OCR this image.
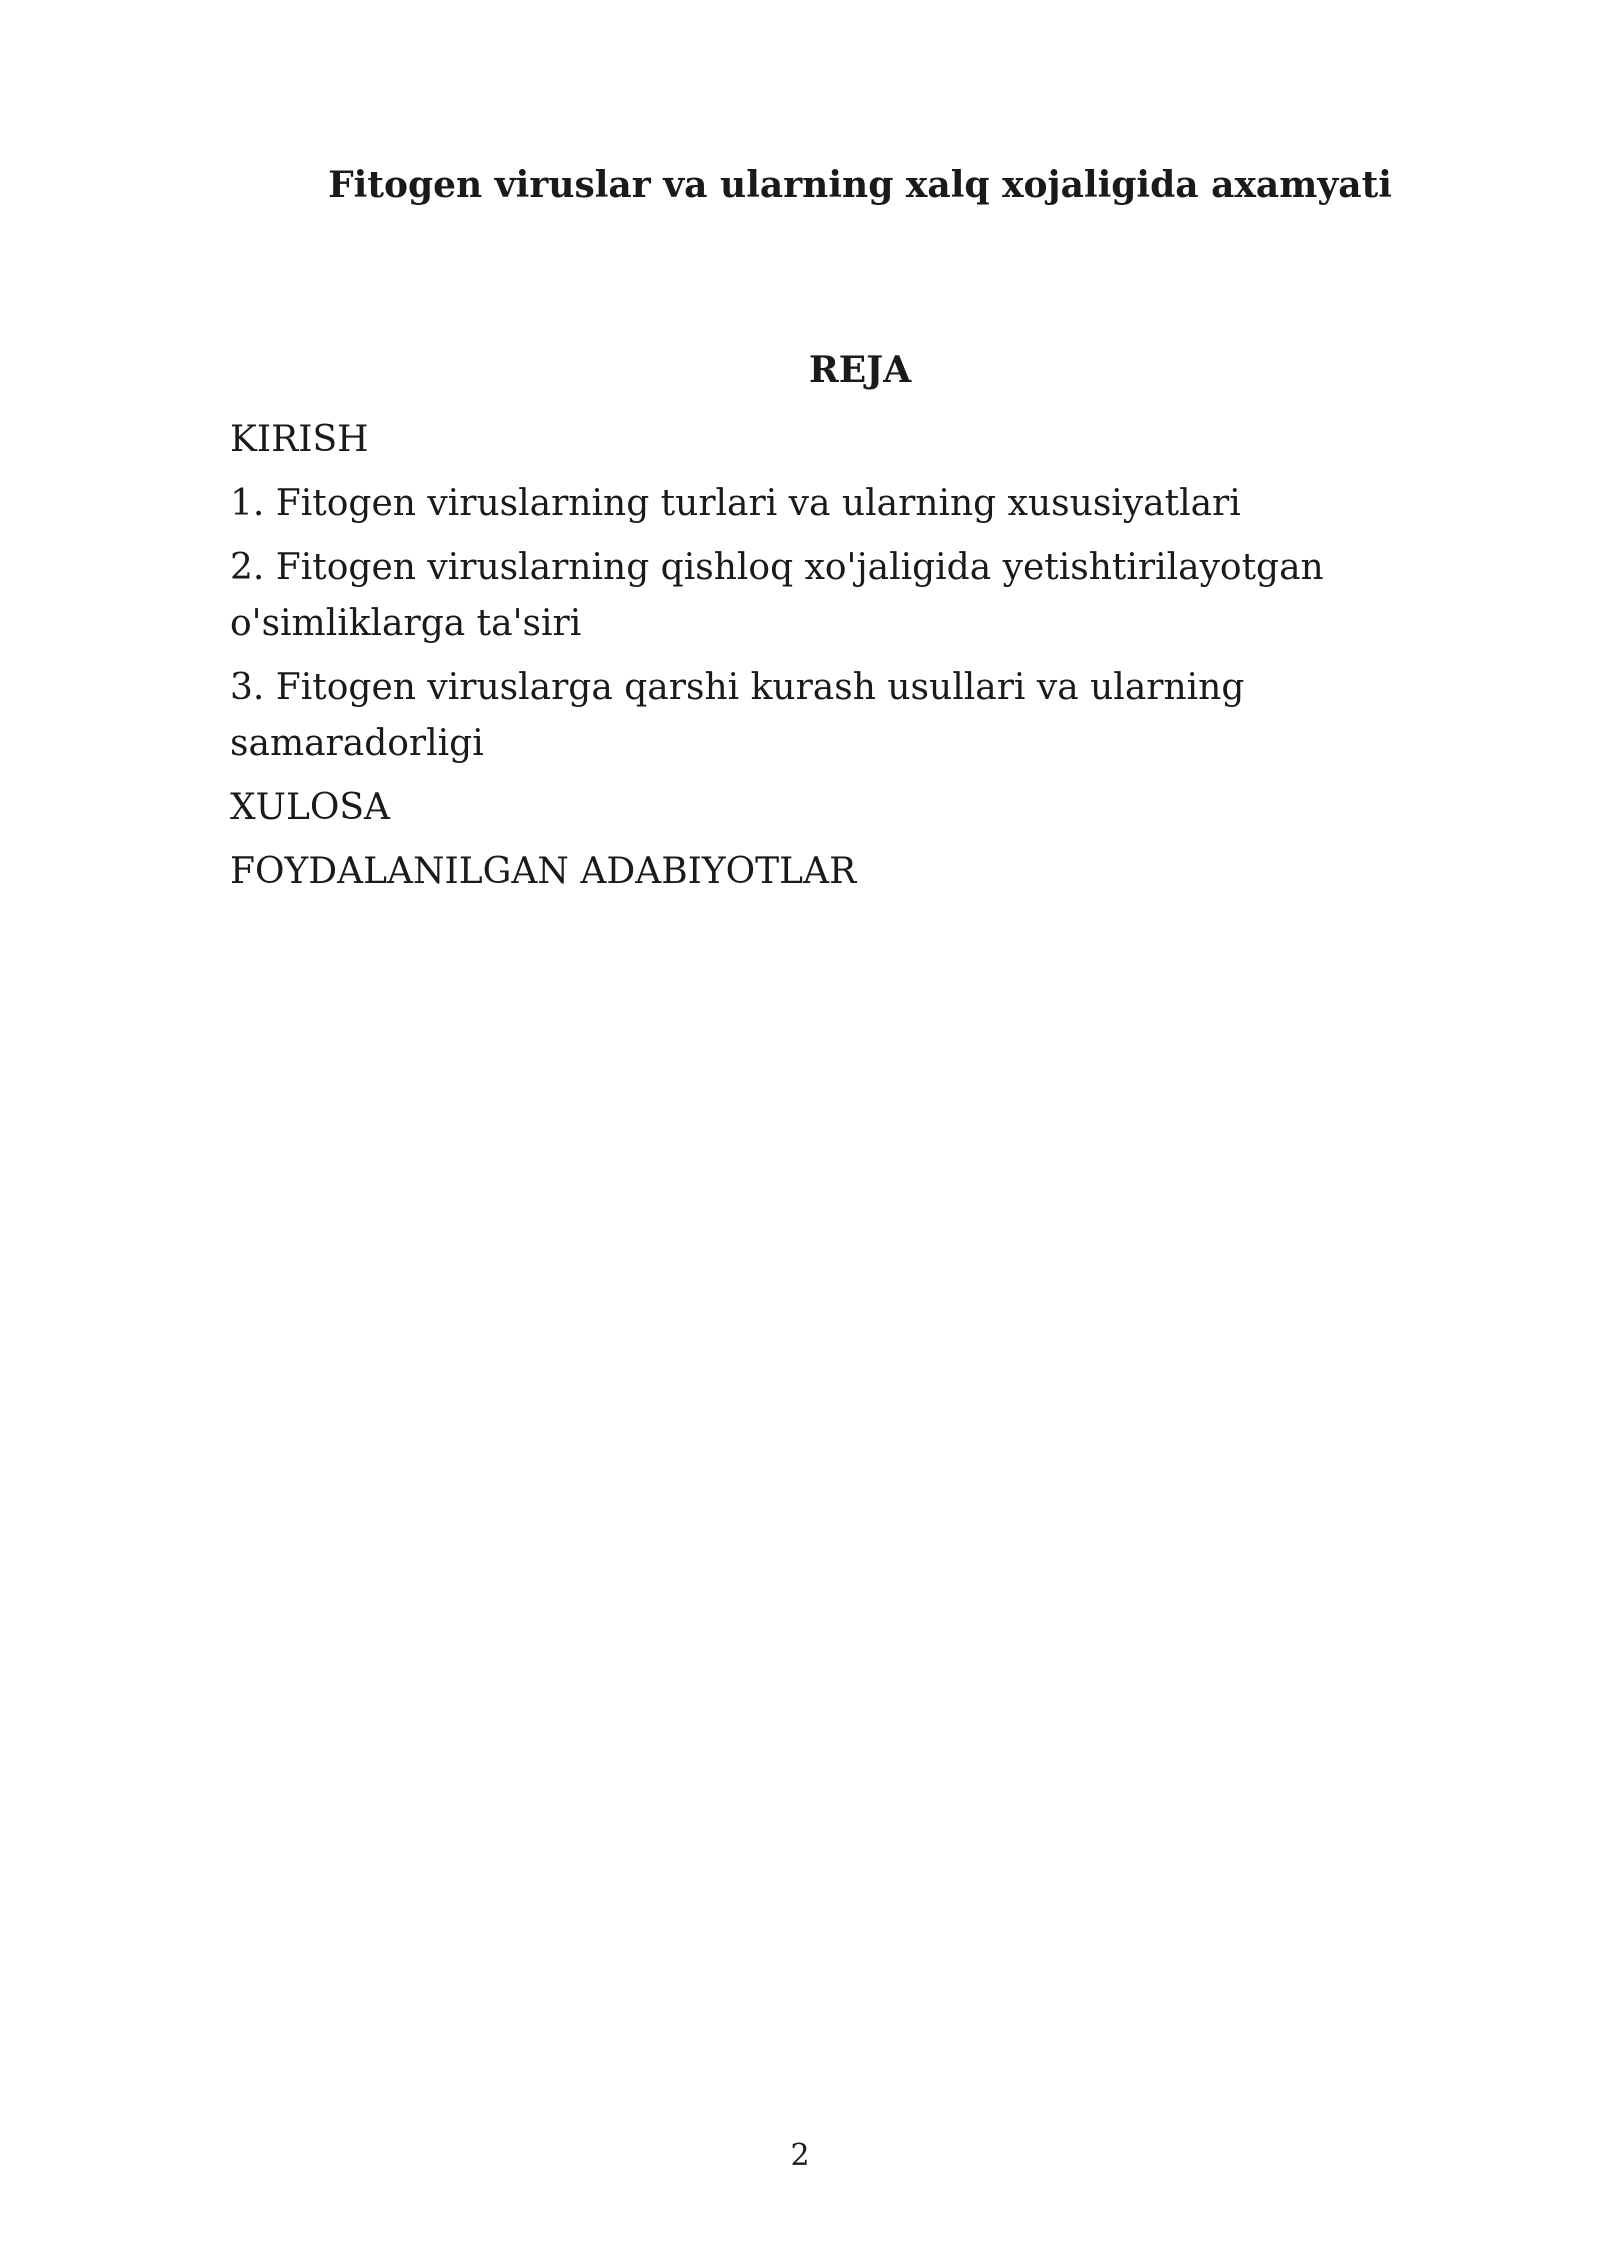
Fitogen viruslar va ularning xalq xojaligida axamyati
REJA
KIRISH
1. Fitogen viruslarning turlari va ularning xususiyatlari
2. Fitogen viruslarning qishloq xo'jaligida yetishtirilayotgan o'simliklarga ta'siri
3. Fitogen viruslarga qarshi kurash usullari va ularning samaradorligi
XULOSA
FOYDALANILGAN ADABIYOTLAR

2
